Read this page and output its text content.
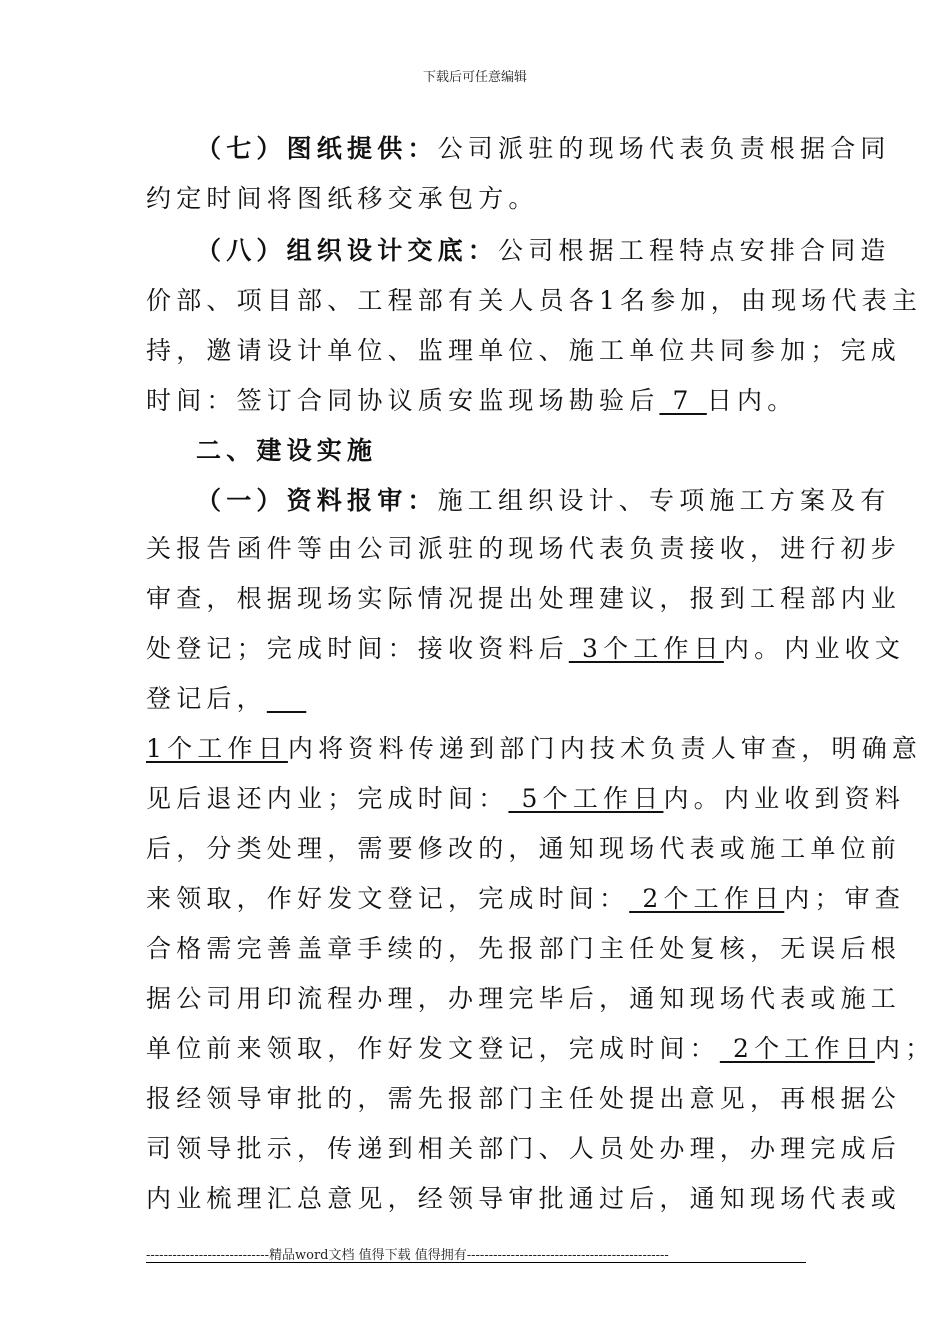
下载后可任意编辑
（七）图纸提供：公司派驻的现场代表负责根据合同
约定时间将图纸移交承包方。
（八）组织设计交底：公司根据工程特点安排合同造
价部、项目部、工程部有关人员各1名参加，由现场代表主
持，邀请设计单位、监理单位、施工单位共同参加；完成
时间：签订合同协议质安监现场勘验后 7 日内。
二、建设实施
（一）资料报审：施工组织设计、专项施工方案及有
关报告函件等由公司派驻的现场代表负责接收，进行初步
审查，根据现场实际情况提出处理建议，报到工程部内业
处登记；完成时间：接收资料后 3个工作日内。内业收文
登记后，
1个工作日内将资料传递到部门内技术负责人审查，明确意
见后退还内业；完成时间： 5个工作日内。内业收到资料
后，分类处理，需要修改的，通知现场代表或施工单位前
来领取，作好发文登记，完成时间： 2个工作日内；审查
合格需完善盖章手续的，先报部门主任处复核，无误后根
据公司用印流程办理，办理完毕后，通知现场代表或施工
单位前来领取，作好发文登记，完成时间： 2个工作日内；
报经领导审批的，需先报部门主任处提出意见，再根据公
司领导批示，传递到相关部门、人员处办理，办理完成后
内业梳理汇总意见，经领导审批通过后，通知现场代表或
----------------------------精品word文档 值得下载 值得拥有----------------------------------------------
